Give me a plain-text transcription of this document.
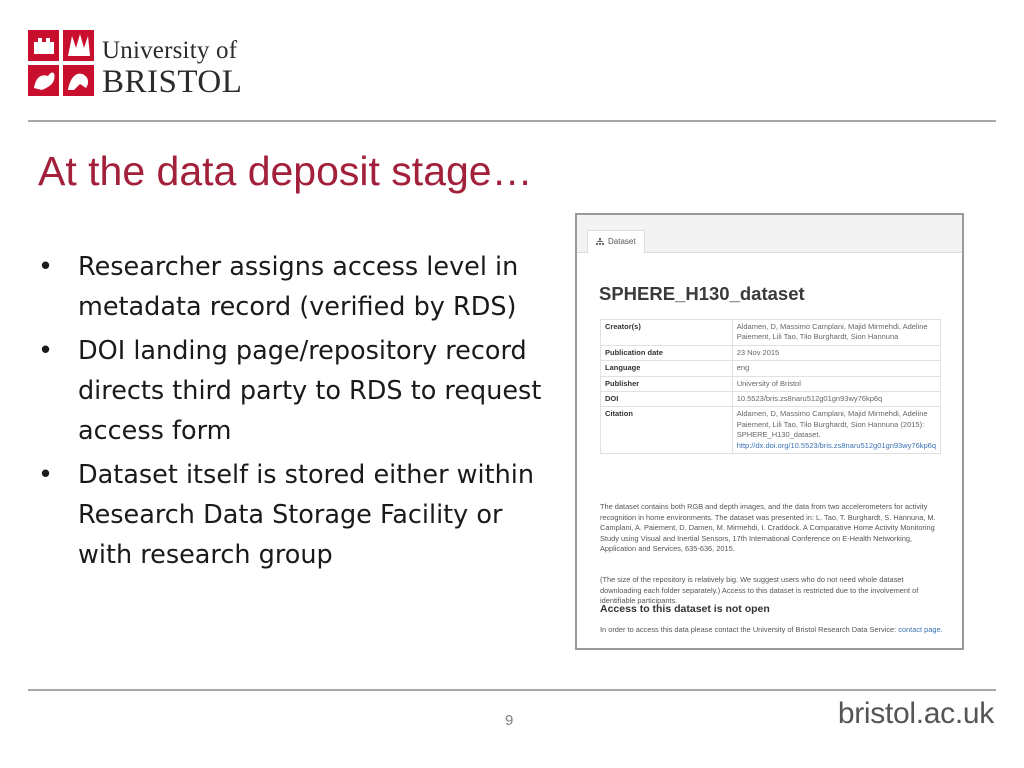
University of
BRISTOL
At the data deposit stage…
• Researcher assigns access level in metadata record (verified by RDS)
• DOI landing page/repository record directs third party to RDS to request access form
• Dataset itself is stored either within Research Data Storage Facility or with research group
Dataset
SPHERE_H130_dataset
Creator(s)	Aldamen, D, Massimo Camplani, Majid Mirmehdi, Adeline Paiement, Lili Tao, Tilo Burghardt, Sion Hannuna
Publication date	23 Nov 2015
Language	eng
Publisher	University of Bristol
DOI	10.5523/bris.zs8naru512g01gn93wy76kp6q
Citation	Aldamen, D, Massimo Camplani, Majid Mirmehdi, Adeline Paiement, Lili Tao, Tilo Burghardt, Sion Hannuna (2015): SPHERE_H130_dataset. http://dx.doi.org/10.5523/bris.zs8naru512g01gn93wy76kp6q

The dataset contains both RGB and depth images, and the data from two accelerometers for activity recognition in home environments. The dataset was presented in: L. Tao, T. Burghardt, S. Hannuna, M. Camplani, A. Paiement, D. Damen, M. Mirmehdi, I. Craddock. A Comparative Home Activity Monitoring Study using Visual and Inertial Sensors, 17th International Conference on E-Health Networking, Application and Services, 635-636, 2015.

(The size of the repository is relatively big. We suggest users who do not need whole dataset downloading each folder separately.) Access to this dataset is restricted due to the involvement of identifiable participants.

Access to this dataset is not open

In order to access this data please contact the University of Bristol Research Data Service: contact page.

9	bristol.ac.uk
